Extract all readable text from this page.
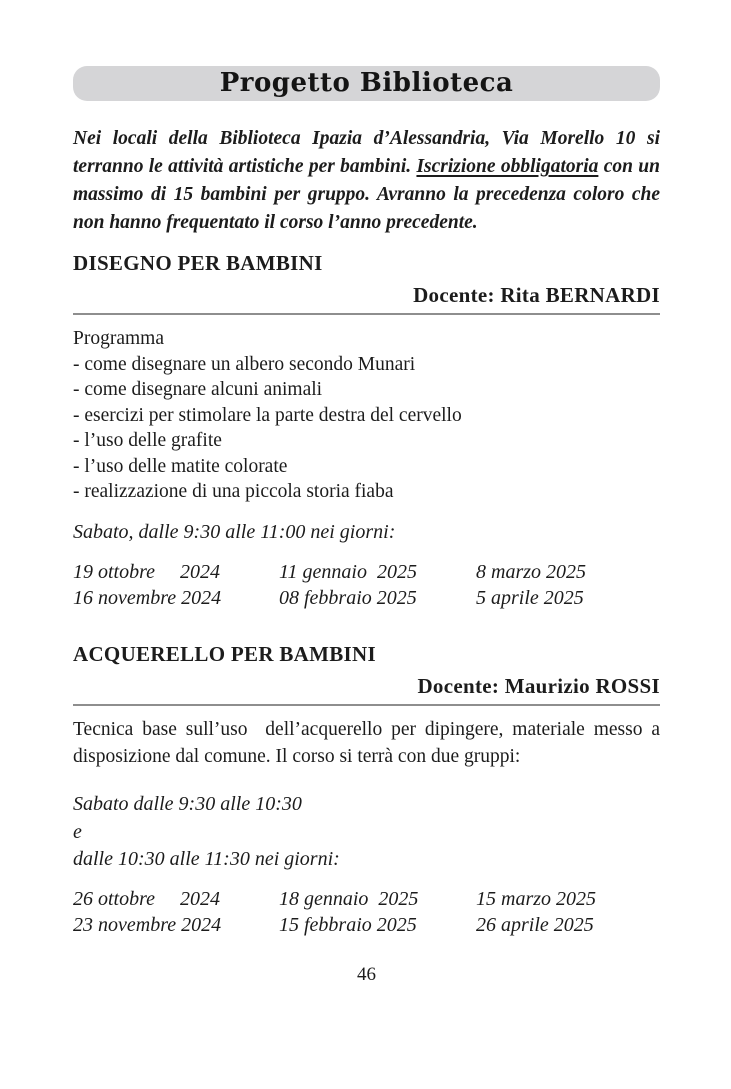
Progetto Biblioteca

Nei locali della Biblioteca Ipazia d’Alessandria, Via Morello 10 si terranno le attività artistiche per bambini. Iscrizione obbligatoria con un massimo di 15 bambini per gruppo. Avranno la precedenza coloro che non hanno frequentato il corso l’anno precedente.

DISEGNO PER BAMBINI
Docente: Rita BERNARDI
Programma
- come disegnare un albero secondo Munari
- come disegnare alcuni animali
- esercizi per stimolare la parte destra del cervello
- l’uso delle grafite
- l’uso delle matite colorate
- realizzazione di una piccola storia fiaba
Sabato, dalle 9:30 alle 11:00 nei giorni:
19 ottobre     2024	11 gennaio  2025	8 marzo 2025
16 novembre 2024	08 febbraio 2025	5 aprile 2025
ACQUERELLO PER BAMBINI
Docente: Maurizio ROSSI

Tecnica base sull’uso  dell’acquerello per dipingere, materiale messo a disposizione dal comune. Il corso si terrà con due gruppi:

Sabato dalle 9:30 alle 10:30
e
dalle 10:30 alle 11:30 nei giorni:
26 ottobre     2024	18 gennaio  2025	15 marzo 2025
23 novembre 2024	15 febbraio 2025	26 aprile 2025
46
